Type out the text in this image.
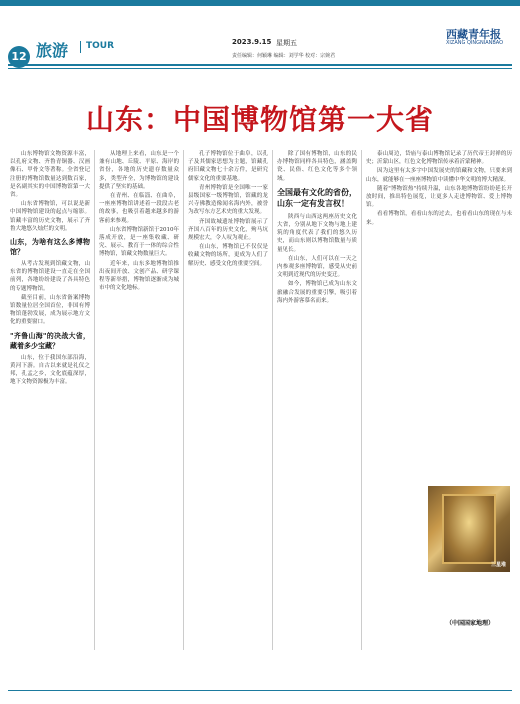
12 旅游 TOUR	2023.9.15 星期五
责任编辑：何颖琳 编辑：刘学华 校对：宗婉君
西藏青年报
XIZANG QINGNIANBAO
山东：中国博物馆第一大省

山东博物馆文物资源丰富，以孔府文物、齐鲁青铜器、汉画像石、甲骨文等著称。全省登记注册的博物馆数量达到数百家，是名副其实的中国博物馆第一大省。

山东省博物馆，可以说是新中国博物馆建设的起点与缩影。馆藏丰富的历史文物，展示了齐鲁大地悠久灿烂的文明。

山东，为啥有这么多博物馆？

从考古发现到馆藏文物，山东省的博物馆建设一直走在全国前列，各地纷纷建设了各具特色的专题博物馆。

截至目前，山东省备案博物馆数量位居全国首位，非国有博物馆蓬勃发展，成为展示地方文化的重要窗口。

"齐鲁山海"的决战大省，藏着多少宝藏？

山东，位于我国东部沿海，黄河下游。自古以来就是礼仪之邦，孔孟之乡，文化底蕴深厚，地下文物资源极为丰富。

从地理上来看，山东是一个兼有山地、丘陵、平原、海岸的省份，各地的历史遗存数量众多，类型齐全，为博物馆的建设提供了坚实的基础。

在青州、在临淄、在曲阜，一座座博物馆讲述着一段段古老的故事，也吸引着越来越多的游客前来参观。

山东省博物馆新馆于2010年落成开放，是一座集收藏、研究、展示、教育于一体的综合性博物馆，馆藏文物数量巨大。

近年来，山东多地博物馆推出夜间开放、文创产品、研学课程等新举措，博物馆逐渐成为城市中的文化地标。

孔子博物馆位于曲阜，以孔子及其儒家思想为主题，馆藏孔府旧藏文物七十余万件，是研究儒家文化的重要基地。

青州博物馆是全国唯一一家县级国家一级博物馆，馆藏的龙兴寺佛教造像闻名海内外，被誉为改写东方艺术史的重大发现。

齐国故城遗址博物馆展示了齐国八百年的历史文化，殉马坑规模宏大，令人叹为观止。

在山东，博物馆已不仅仅是收藏文物的场所，更成为人们了解历史、感受文化的重要空间。

除了国有博物馆，山东的民办博物馆同样各具特色，涵盖陶瓷、民俗、红色文化等多个领域。

全国最有文化的省份，山东一定有发言权！

陕西与山西这两座历史文化大省，分别从地下文物与地上建筑的角度代表了我们的悠久历史，而山东则以博物馆数量与质量见长。

在山东，人们可以在一天之内参观多座博物馆，感受从史前文明到近现代的历史变迁。

如今，博物馆已成为山东文旅融合发展的重要引擎，吸引着海内外游客慕名而来。

泰山周边，岱庙与泰山博物馆记录了历代帝王封禅的历史；沂蒙山区，红色文化博物馆传承着沂蒙精神。

因为这里有太多宇中国发展史的馆藏和文物，只要来到山东，就能够在一座座博物馆中读懂中华文明的博大精深。

随着"博物馆热"持续升温，山东各地博物馆纷纷延长开放时间，推出特色展览，让更多人走进博物馆、爱上博物馆。

看看博物馆，看看山东的过去，也看看山东的现在与未来。

三星堆
（中国国家地理）
